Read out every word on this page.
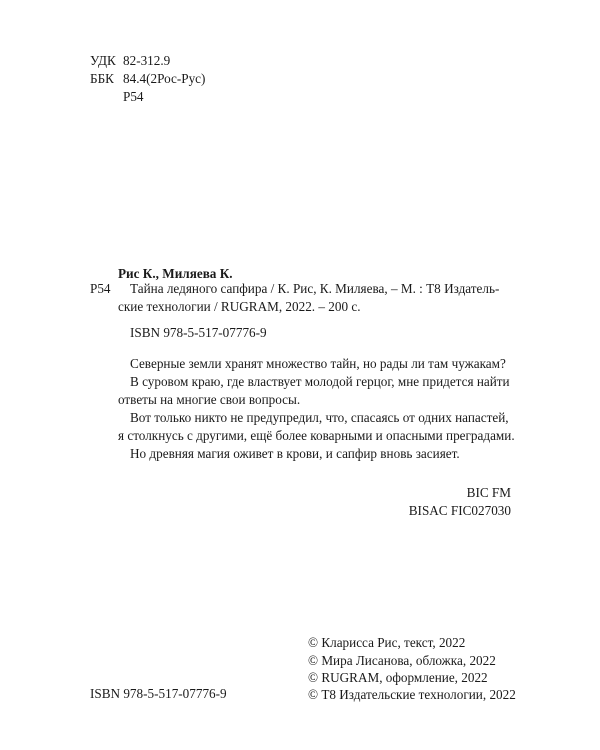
УДК 82-312.9
ББК 84.4(2Рос-Рус)
Р54
Рис К., Миляева К.
Р54 Тайна ледяного сапфира / К. Рис, К. Миляева, – М. : Т8 Издатель-
ские технологии / RUGRAM, 2022. – 200 с.
ISBN 978-5-517-07776-9
Северные земли хранят множество тайн, но рады ли там чужакам?
В суровом краю, где властвует молодой герцог, мне придется найти
ответы на многие свои вопросы.
Вот только никто не предупредил, что, спасаясь от одних напастей,
я столкнусь с другими, ещё более коварными и опасными преградами.
Но древняя магия оживет в крови, и сапфир вновь засияет.
BIC FM
BISAC FIC027030
ISBN 978-5-517-07776-9
© Кларисса Рис, текст, 2022
© Мира Лисанова, обложка, 2022
© RUGRAM, оформление, 2022
© Т8 Издательские технологии, 2022
